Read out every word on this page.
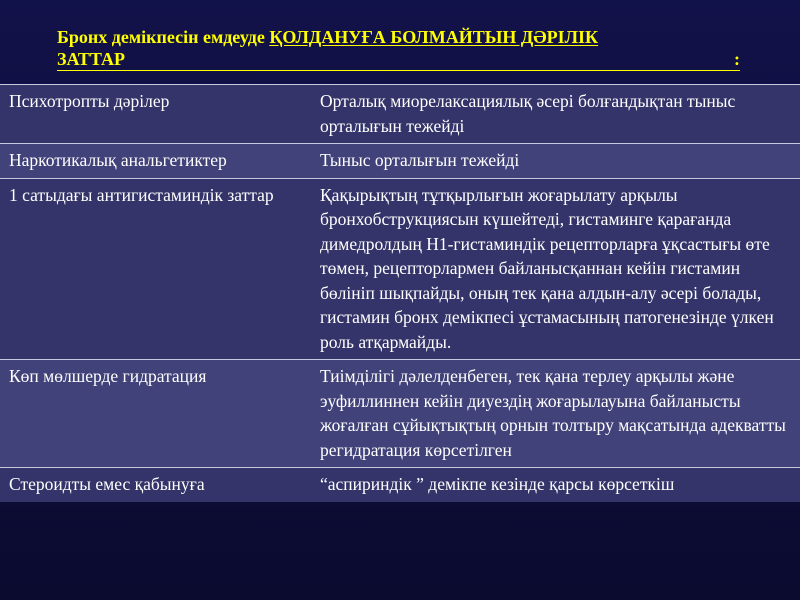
Бронх демікпесін емдеуде ҚОЛДАНУҒА БОЛМАЙТЫН ДӘРІЛІК
ЗАТТАР	:
Психотропты дәрілер	Орталық миорелаксациялық әсері болғандықтан тыныс орталығын тежейді
Наркотикалық анальгетиктер	Тыныс орталығын тежейді
1 сатыдағы антигистаминдік заттар	Қақырықтың тұтқырлығын жоғарылату арқылы бронхобструкциясын күшейтеді, гистаминге қарағанда димедролдың Н1-гистаминдік рецепторларға ұқсастығы өте төмен, рецепторлармен байланысқаннан кейін гистамин бөлініп шықпайды, оның тек қана алдын-алу әсері болады, гистамин бронх демікпесі ұстамасының патогенезінде үлкен роль атқармайды.
Көп мөлшерде гидратация	Тиімділігі дәлелденбеген, тек қана терлеу арқылы және эуфиллиннен кейін диуездің жоғарылауына байланысты жоғалған сұйықтықтың орнын толтыру мақсатында адекватты регидратация көрсетілген
Стероидты емес қабынуға	“аспириндік ” демікпе кезінде қарсы көрсеткіш
